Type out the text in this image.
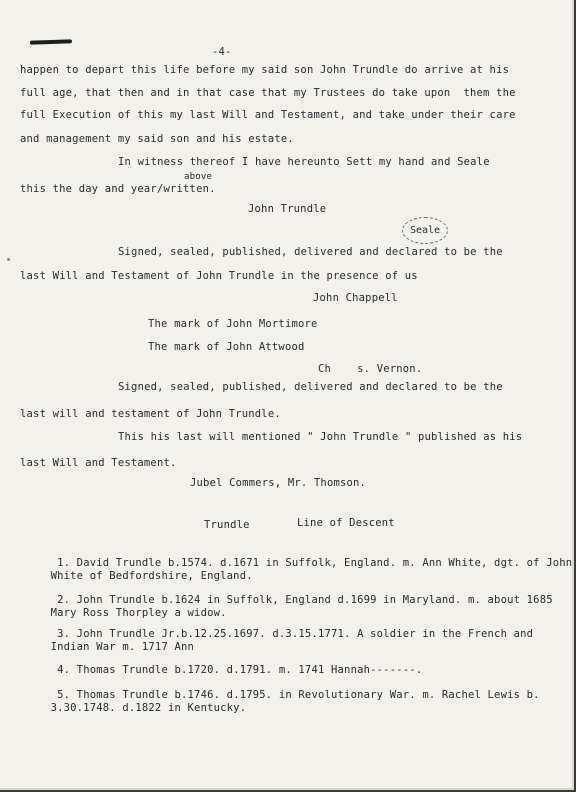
-4-
happen to depart this life before my said son John Trundle do arrive at his
full age, that then and in that case that my Trustees do take upon  them the
full Execution of this my last Will and Testament, and take under their care
and management my said son and his estate.
In witness thereof I have hereunto Sett my hand and Seale
above
this the day and year/written.
John Trundle
Seale
Signed, sealed, published, delivered and declared to be the
last Will and Testament of John Trundle in the presence of us
John Chappell
The mark of John Mortimore
The mark of John Attwood
Ch    s. Vernon.
Signed, sealed, published, delivered and declared to be the
last will and testament of John Trundle.
This his last will mentioned " John Trundle " published as his
last Will and Testament.
Jubel Commers, Mr. Thomson.
Trundle	Line of Descent

1. David Trundle b.1574. d.1671 in Suffolk, England. m. Ann White, dgt. of John
White of Bedfordshire, England.

2. John Trundle b.1624 in Suffolk, England d.1699 in Maryland. m. about 1685
Mary Ross Thorpley a widow.

3. John Trundle Jr.b.12.25.1697. d.3.15.1771. A soldier in the French and
Indian War m. 1717 Ann

4. Thomas Trundle b.1720. d.1791. m. 1741 Hannah-------.

5. Thomas Trundle b.1746. d.1795. in Revolutionary War. m. Rachel Lewis b.
3.30.1748. d.1822 in Kentucky.
